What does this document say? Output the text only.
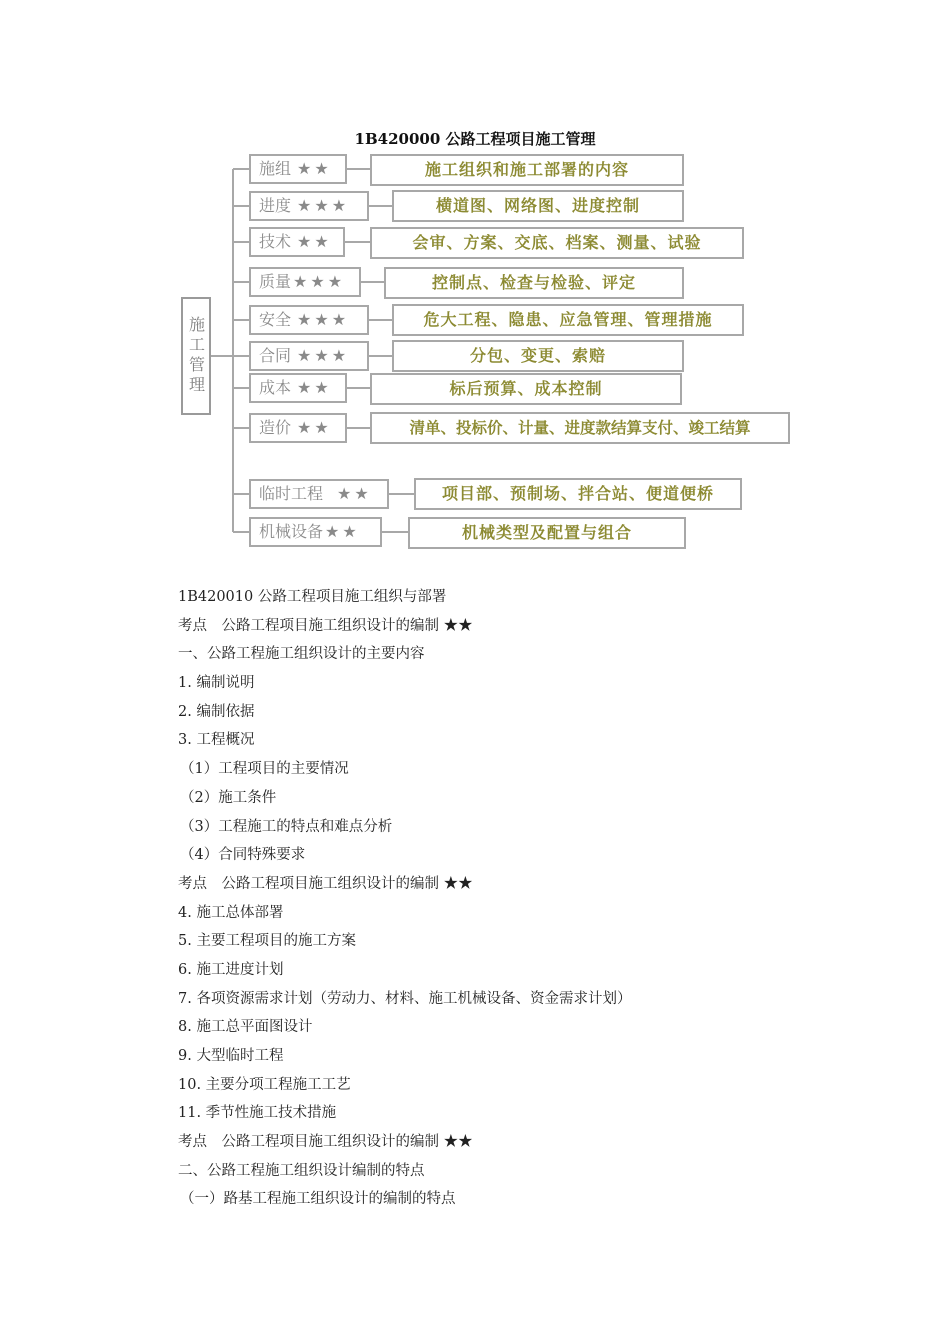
1B420000 公路工程项目施工管理
施工管理
施组 ★★	施工组织和施工部署的内容
进度 ★★★	横道图、网络图、进度控制
技术 ★★	会审、方案、交底、档案、测量、试验
质量 ★★★	控制点、检查与检验、评定
安全 ★★★	危大工程、隐患、应急管理、管理措施
合同 ★★★	分包、变更、索赔
成本 ★★	标后预算、成本控制
造价 ★★	清单、投标价、计量、进度款结算支付、竣工结算
临时工程 ★★	项目部、预制场、拌合站、便道便桥
机械设备 ★★	机械类型及配置与组合
1B420010 公路工程项目施工组织与部署
考点　公路工程项目施工组织设计的编制 ★★
一、公路工程施工组织设计的主要内容
1. 编制说明
2. 编制依据
3. 工程概况
（1）工程项目的主要情况
（2）施工条件
（3）工程施工的特点和难点分析
（4）合同特殊要求
考点　公路工程项目施工组织设计的编制 ★★
4. 施工总体部署
5. 主要工程项目的施工方案
6. 施工进度计划
7. 各项资源需求计划（劳动力、材料、施工机械设备、资金需求计划）
8. 施工总平面图设计
9. 大型临时工程
10. 主要分项工程施工工艺
11. 季节性施工技术措施
考点　公路工程项目施工组织设计的编制 ★★
二、公路工程施工组织设计编制的特点
（一）路基工程施工组织设计的编制的特点
